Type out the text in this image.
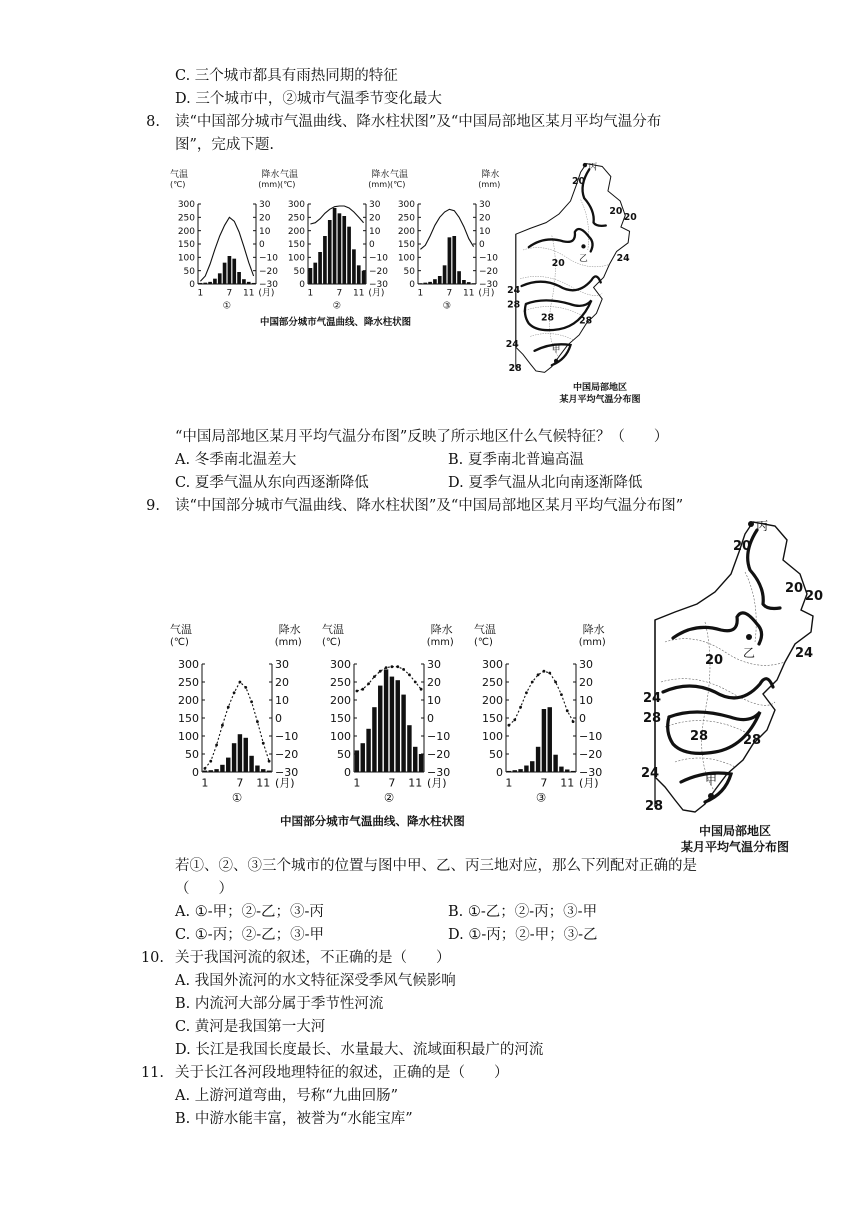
C. 三个城市都具有雨热同期的特征
D. 三个城市中，②城市气温季节变化最大
8. 读“中国部分城市气温曲线、降水柱状图”及“中国局部地区某月平均气温分布
图”，完成下题.
气温
(℃)
降水
(mm)
300	30
250	20
200	10
150	0
100	−10
50	−20
0	−30
1	7 11 (月)
①
气温
(℃)
降水
(mm)
300	30
250	20
200	10
150	0
100	−10
50	−20
0	−30
1	7 11 (月)
②
气温
(℃)
降水
(mm)
300	30
250	20
200	10
150	0
100	−10
50	−20
0	−30
1	7 11 (月)
③
中国部分城市气温曲线、降水柱状图
20
20
20
20	24
24
28
28 28
24
28
丙
乙
甲
中国局部地区
某月平均气温分布图
“中国局部地区某月平均气温分布图”反映了所示地区什么气候特征？（　　）
A. 冬季南北温差大	B. 夏季南北普遍高温
C. 夏季气温从东向西逐渐降低	D. 夏季气温从北向南逐渐降低
9. 读“中国部分城市气温曲线、降水柱状图”及“中国局部地区某月平均气温分布图”
气温
(℃)
降水
(mm)
300	30
250	20
200	10
150	0
100	−10
50	−20
0	−30
1	7 11 (月)
①
气温
(℃)
降水
(mm)
300	30
250	20
200	10
150	0
100	−10
50	−20
0	−30
1	7 11 (月)
②
气温
(℃)
降水
(mm)
300	30
250	20
200	10
150	0
100	−10
50	−20
0	−30
1	7 11 (月)
③
中国部分城市气温曲线、降水柱状图
20
20
20
20	24
24
28
28	28
24
28
丙
乙
甲
中国局部地区
某月平均气温分布图
若①、②、③三个城市的位置与图中甲、乙、丙三地对应，那么下列配对正确的是
（　　）
A. ①-甲；②-乙；③-丙	B. ①-乙；②-丙；③-甲
C. ①-丙；②-乙；③-甲	D. ①-丙；②-甲；③-乙
10. 关于我国河流的叙述，不正确的是（　　）
A. 我国外流河的水文特征深受季风气候影响
B. 内流河大部分属于季节性河流
C. 黄河是我国第一大河
D. 长江是我国长度最长、水量最大、流域面积最广的河流
11. 关于长江各河段地理特征的叙述，正确的是（　　）
A. 上游河道弯曲，号称“九曲回肠”
B. 中游水能丰富，被誉为“水能宝库”
